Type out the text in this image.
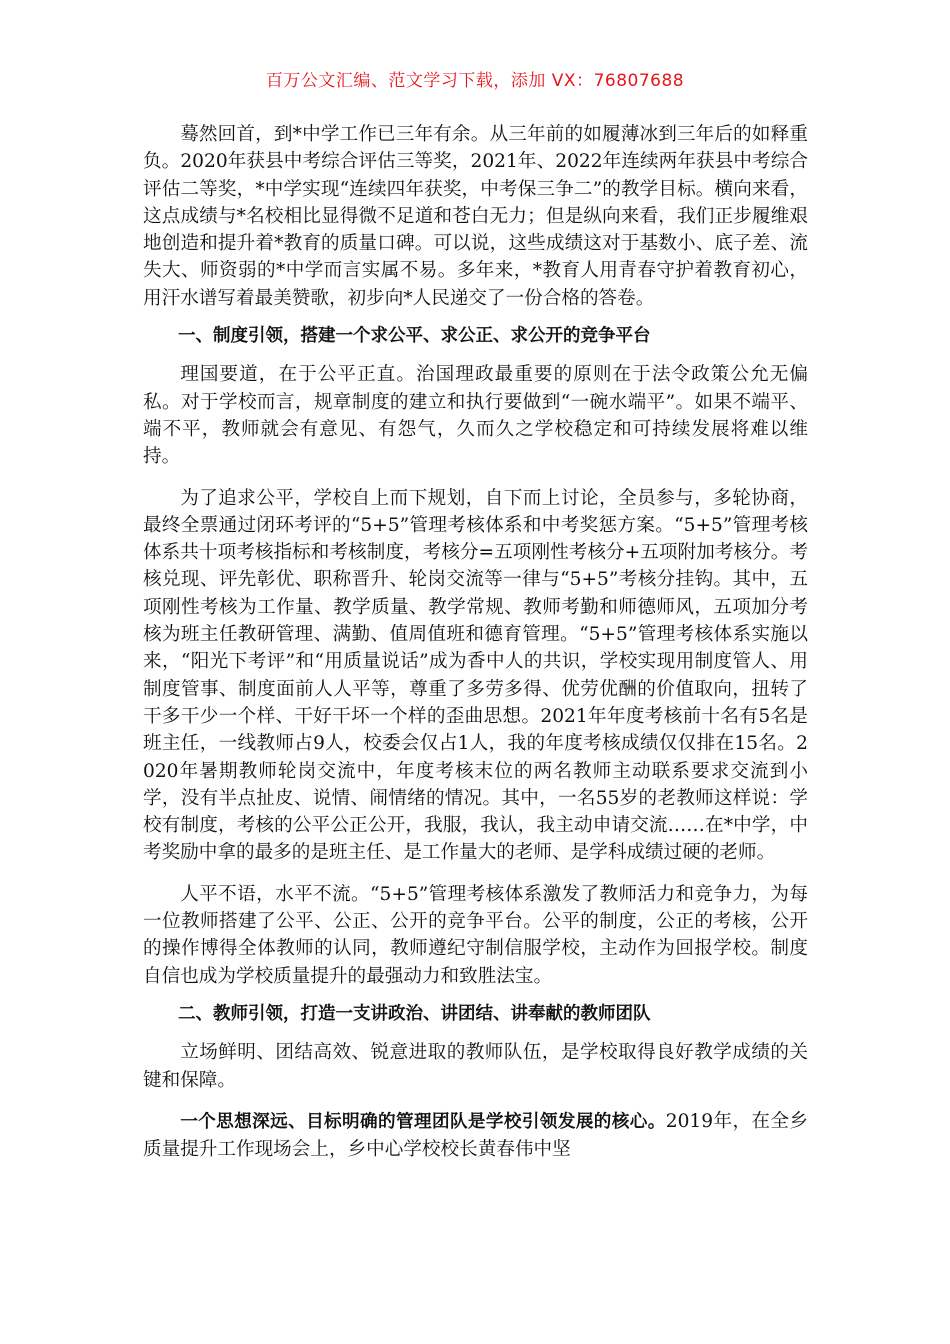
百万公文汇编、范文学习下载，添加 VX：76807688

蓦然回首，到*中学工作已三年有余。从三年前的如履薄冰到三年后的如释重负。2020年获县中考综合评估三等奖，2021年、2022年连续两年获县中考综合评估二等奖，*中学实现“连续四年获奖，中考保三争二”的教学目标。横向来看，这点成绩与*名校相比显得微不足道和苍白无力；但是纵向来看，我们正步履维艰地创造和提升着*教育的质量口碑。可以说，这些成绩这对于基数小、底子差、流失大、师资弱的*中学而言实属不易。多年来，*教育人用青春守护着教育初心，用汗水谱写着最美赞歌，初步向*人民递交了一份合格的答卷。

一、制度引领，搭建一个求公平、求公正、求公开的竞争平台

理国要道，在于公平正直。治国理政最重要的原则在于法令政策公允无偏私。对于学校而言，规章制度的建立和执行要做到“一碗水端平”。如果不端平、端不平，教师就会有意见、有怨气，久而久之学校稳定和可持续发展将难以维持。

为了追求公平，学校自上而下规划，自下而上讨论，全员参与，多轮协商，最终全票通过闭环考评的“5+5”管理考核体系和中考奖惩方案。“5+5”管理考核体系共十项考核指标和考核制度，考核分=五项刚性考核分+五项附加考核分。考核兑现、评先彰优、职称晋升、轮岗交流等一律与“5+5”考核分挂钩。其中，五项刚性考核为工作量、教学质量、教学常规、教师考勤和师德师风，五项加分考核为班主任教研管理、满勤、值周值班和德育管理。“5+5”管理考核体系实施以来，“阳光下考评”和“用质量说话”成为香中人的共识，学校实现用制度管人、用制度管事、制度面前人人平等，尊重了多劳多得、优劳优酬的价值取向，扭转了干多干少一个样、干好干坏一个样的歪曲思想。2021年年度考核前十名有5名是班主任，一线教师占9人，校委会仅占1人，我的年度考核成绩仅仅排在15名。2020年暑期教师轮岗交流中，年度考核末位的两名教师主动联系要求交流到小学，没有半点扯皮、说情、闹情绪的情况。其中，一名55岁的老教师这样说：学校有制度，考核的公平公正公开，我服，我认，我主动申请交流……在*中学，中考奖励中拿的最多的是班主任、是工作量大的老师、是学科成绩过硬的老师。

人平不语，水平不流。“5+5”管理考核体系激发了教师活力和竞争力，为每一位教师搭建了公平、公正、公开的竞争平台。公平的制度，公正的考核，公开的操作博得全体教师的认同，教师遵纪守制信服学校，主动作为回报学校。制度自信也成为学校质量提升的最强动力和致胜法宝。

二、教师引领，打造一支讲政治、讲团结、讲奉献的教师团队

立场鲜明、团结高效、锐意进取的教师队伍，是学校取得良好教学成绩的关键和保障。

一个思想深远、目标明确的管理团队是学校引领发展的核心。2019年，在全乡质量提升工作现场会上，乡中心学校校长黄春伟中坚
